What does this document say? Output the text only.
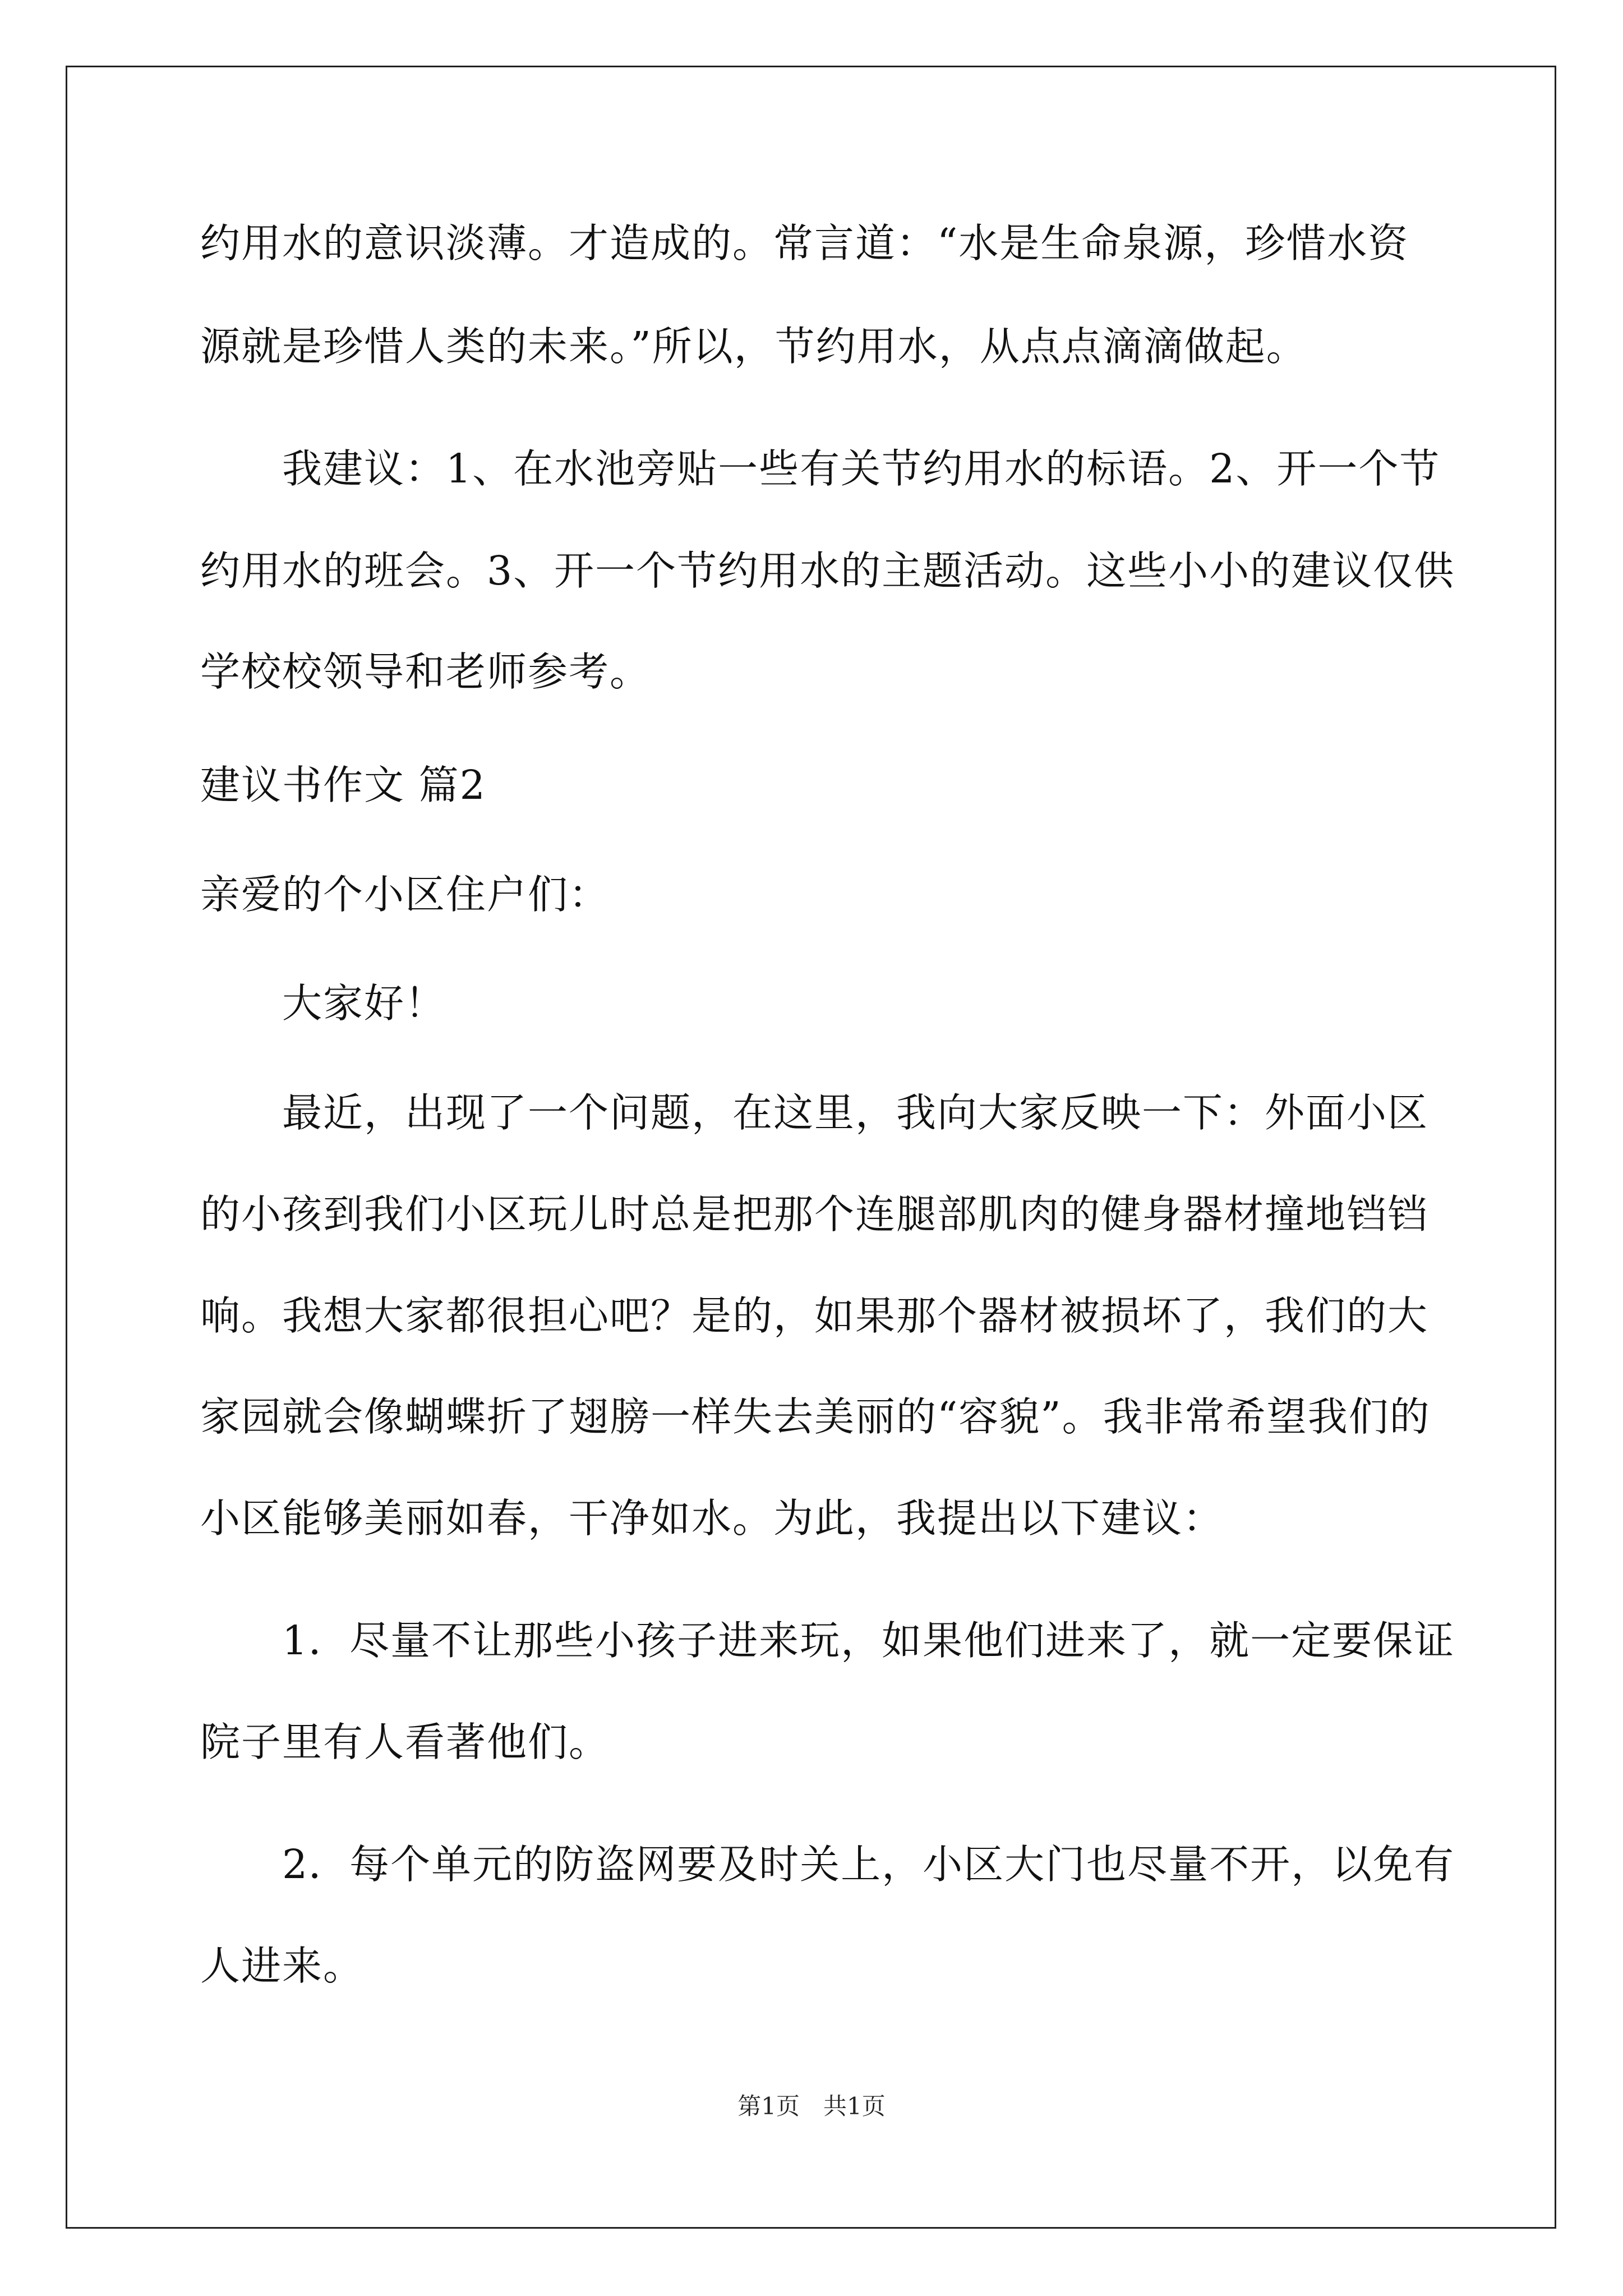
约用水的意识淡薄。才造成的。常言道：“水是生命泉源，珍惜水资
源就是珍惜人类的未来。”所以，节约用水，从点点滴滴做起。
　　我建议：1、在水池旁贴一些有关节约用水的标语。2、开一个节
约用水的班会。3、开一个节约用水的主题活动。这些小小的建议仅供
学校校领导和老师参考。
建议书作文 篇2
亲爱的个小区住户们：
　　大家好！
　　最近，出现了一个问题，在这里，我向大家反映一下：外面小区
的小孩到我们小区玩儿时总是把那个连腿部肌肉的健身器材撞地铛铛
响。我想大家都很担心吧？是的，如果那个器材被损坏了，我们的大
家园就会像蝴蝶折了翅膀一样失去美丽的“容貌”。我非常希望我们的
小区能够美丽如春，干净如水。为此，我提出以下建议：
　　1．尽量不让那些小孩子进来玩，如果他们进来了，就一定要保证
院子里有人看著他们。
　　2．每个单元的防盗网要及时关上，小区大门也尽量不开，以免有
人进来。
第1页　共1页
